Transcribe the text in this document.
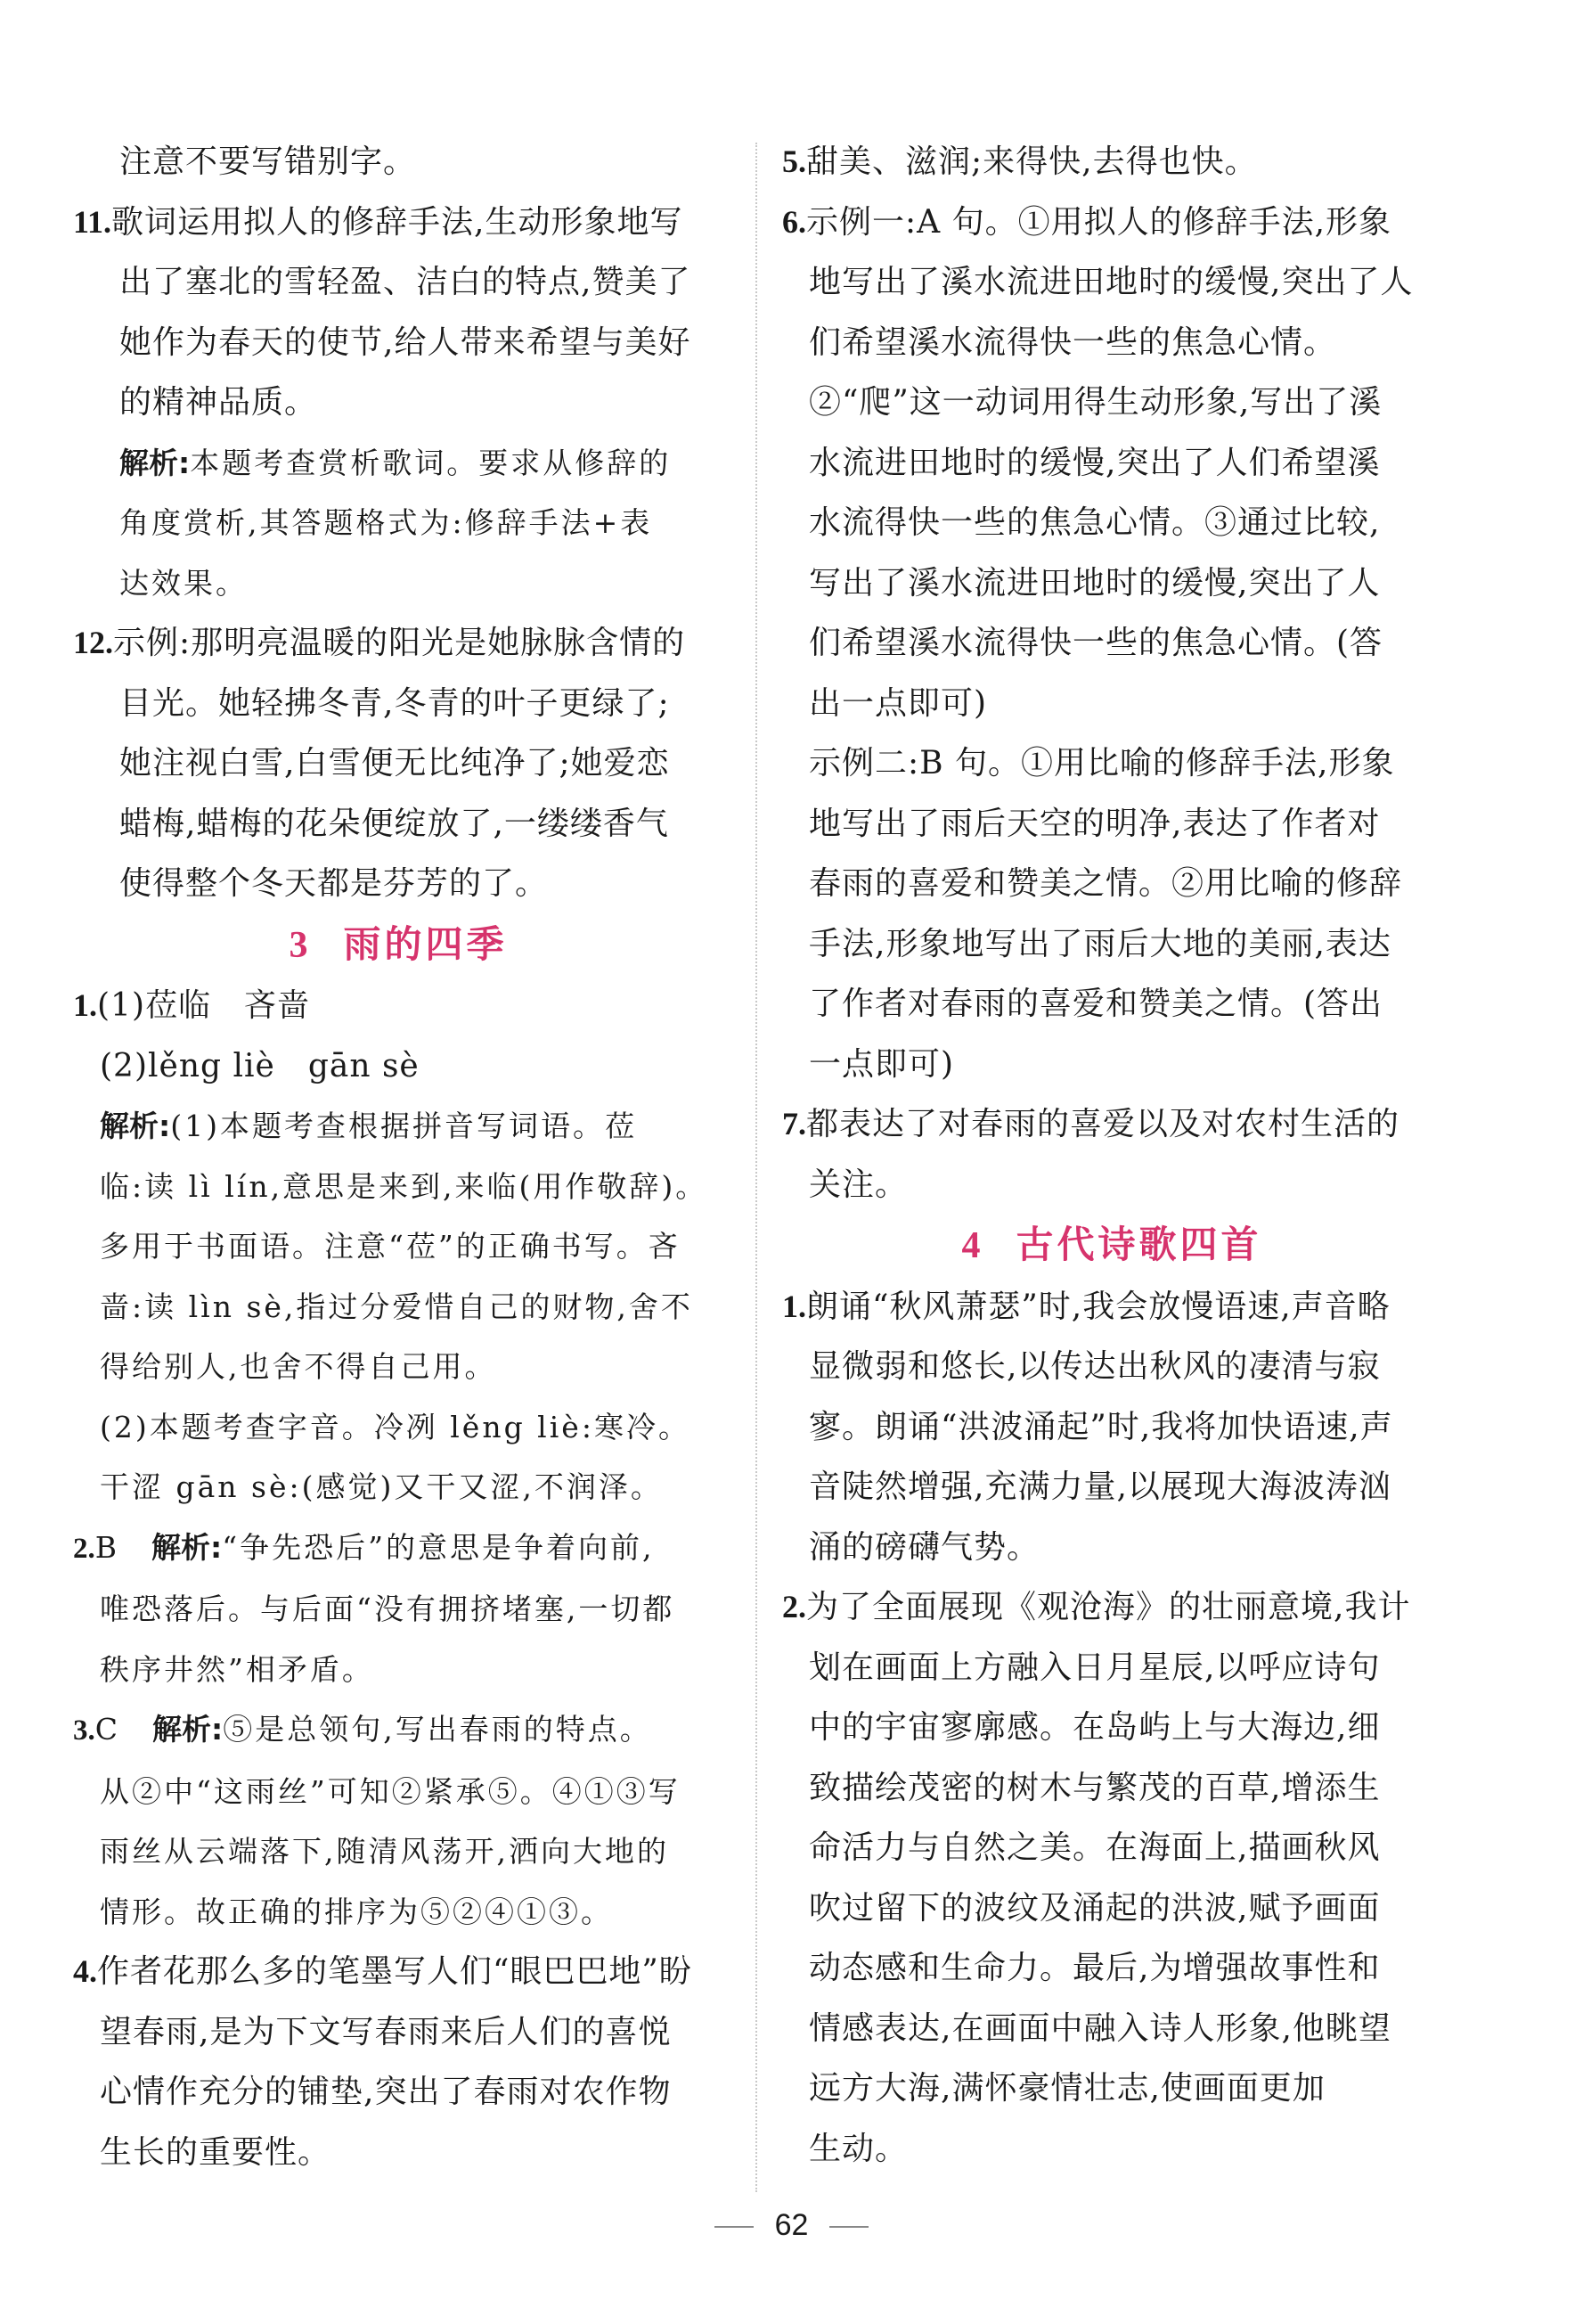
注意不要写错别字。
11.歌词运用拟人的修辞手法,生动形象地写
出了塞北的雪轻盈、洁白的特点,赞美了
她作为春天的使节,给人带来希望与美好
的精神品质。
解析:本题考查赏析歌词。要求从修辞的
角度赏析,其答题格式为:修辞手法+表
达效果。
12.示例:那明亮温暖的阳光是她脉脉含情的
目光。她轻拂冬青,冬青的叶子更绿了;
她注视白雪,白雪便无比纯净了;她爱恋
蜡梅,蜡梅的花朵便绽放了,一缕缕香气
使得整个冬天都是芬芳的了。
3 雨的四季
1.(1)莅临　吝啬
(2)lěng liè　gān sè
解析:(1)本题考查根据拼音写词语。莅
临:读 lì lín,意思是来到,来临(用作敬辞)。
多用于书面语。注意“莅”的正确书写。吝
啬:读 lìn sè,指过分爱惜自己的财物,舍不
得给别人,也舍不得自己用。
(2)本题考查字音。冷冽 lěng liè:寒冷。
干涩 gān sè:(感觉)又干又涩,不润泽。
2.B　解析:“争先恐后”的意思是争着向前,
唯恐落后。与后面“没有拥挤堵塞,一切都
秩序井然”相矛盾。
3.C　解析:⑤是总领句,写出春雨的特点。
从②中“这雨丝”可知②紧承⑤。④①③写
雨丝从云端落下,随清风荡开,洒向大地的
情形。故正确的排序为⑤②④①③。
4.作者花那么多的笔墨写人们“眼巴巴地”盼
望春雨,是为下文写春雨来后人们的喜悦
心情作充分的铺垫,突出了春雨对农作物
生长的重要性。
5.甜美、滋润;来得快,去得也快。
6.示例一:A 句。①用拟人的修辞手法,形象
地写出了溪水流进田地时的缓慢,突出了人
们希望溪水流得快一些的焦急心情。
②“爬”这一动词用得生动形象,写出了溪
水流进田地时的缓慢,突出了人们希望溪
水流得快一些的焦急心情。③通过比较,
写出了溪水流进田地时的缓慢,突出了人
们希望溪水流得快一些的焦急心情。(答
出一点即可)
示例二:B 句。①用比喻的修辞手法,形象
地写出了雨后天空的明净,表达了作者对
春雨的喜爱和赞美之情。②用比喻的修辞
手法,形象地写出了雨后大地的美丽,表达
了作者对春雨的喜爱和赞美之情。(答出
一点即可)
7.都表达了对春雨的喜爱以及对农村生活的
关注。
4 古代诗歌四首
1.朗诵“秋风萧瑟”时,我会放慢语速,声音略
显微弱和悠长,以传达出秋风的凄清与寂
寥。朗诵“洪波涌起”时,我将加快语速,声
音陡然增强,充满力量,以展现大海波涛汹
涌的磅礴气势。
2.为了全面展现《观沧海》的壮丽意境,我计
划在画面上方融入日月星辰,以呼应诗句
中的宇宙寥廓感。在岛屿上与大海边,细
致描绘茂密的树木与繁茂的百草,增添生
命活力与自然之美。在海面上,描画秋风
吹过留下的波纹及涌起的洪波,赋予画面
动态感和生命力。最后,为增强故事性和
情感表达,在画面中融入诗人形象,他眺望
远方大海,满怀豪情壮志,使画面更加
生动。
62
